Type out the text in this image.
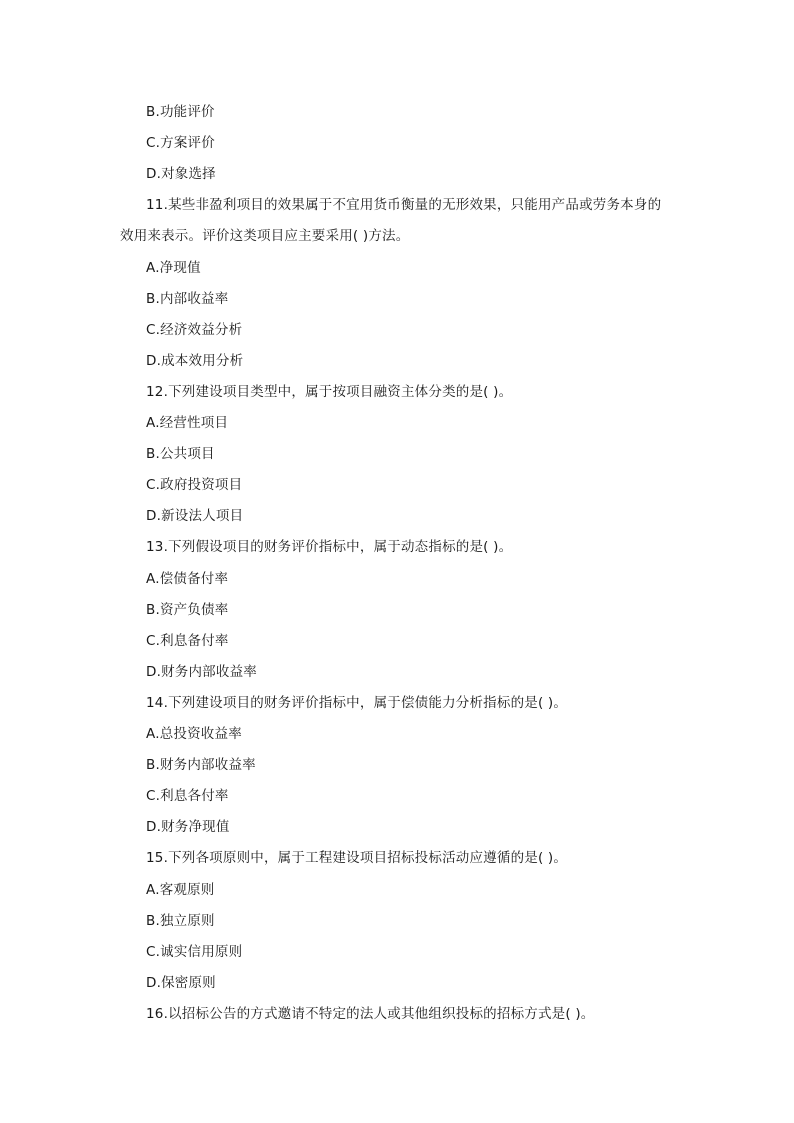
B.功能评价
C.方案评价
D.对象选择
11.某些非盈利项目的效果属于不宜用货币衡量的无形效果，只能用产品或劳务本身的
效用来表示。评价这类项目应主要采用( )方法。
A.净现值
B.内部收益率
C.经济效益分析
D.成本效用分析
12.下列建设项目类型中，属于按项目融资主体分类的是( )。
A.经营性项目
B.公共项目
C.政府投资项目
D.新设法人项目
13.下列假设项目的财务评价指标中，属于动态指标的是( )。
A.偿债备付率
B.资产负债率
C.利息备付率
D.财务内部收益率
14.下列建设项目的财务评价指标中，属于偿债能力分析指标的是( )。
A.总投资收益率
B.财务内部收益率
C.利息各付率
D.财务净现值
15.下列各项原则中，属于工程建设项目招标投标活动应遵循的是( )。
A.客观原则
B.独立原则
C.诚实信用原则
D.保密原则
16.以招标公告的方式邀请不特定的法人或其他组织投标的招标方式是( )。
